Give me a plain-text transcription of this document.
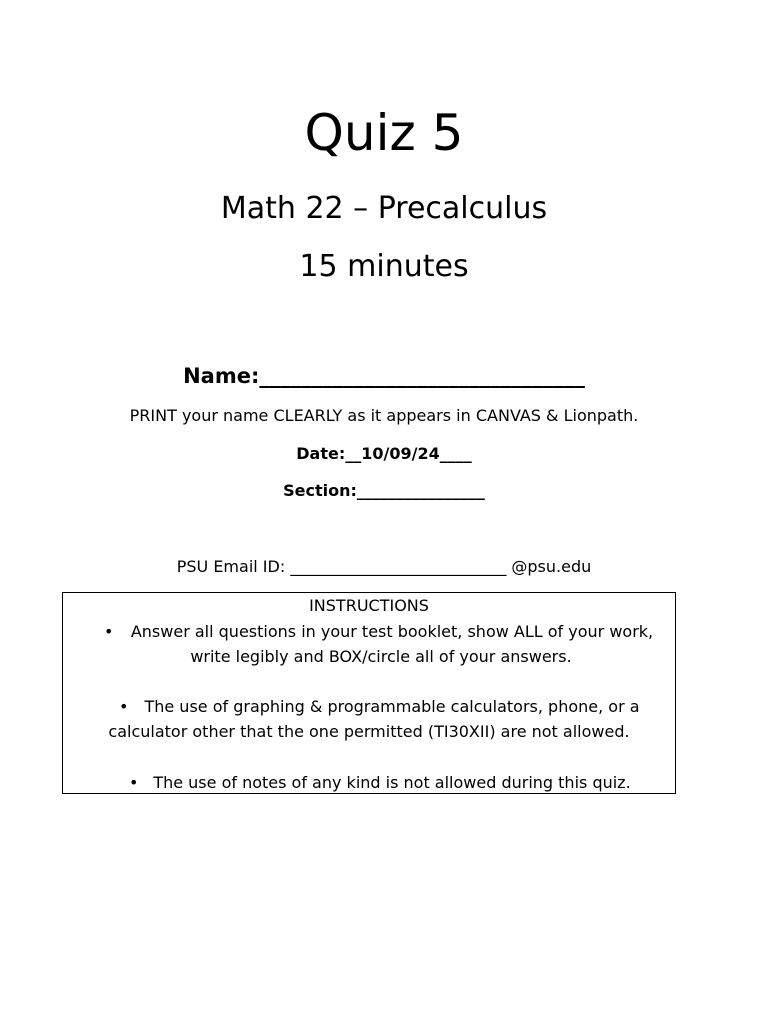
Quiz 5
Math 22 – Precalculus
15 minutes
Name:_______________________________
PRINT your name CLEARLY as it appears in CANVAS & Lionpath.
Date:__10/09/24____
Section:________________
PSU Email ID: ___________________________ @psu.edu
INSTRUCTIONS
•	Answer all questions in your test booklet, show ALL of your work,
write legibly and BOX/circle all of your answers.
•	The use of graphing & programmable calculators, phone, or a
calculator other that the one permitted (TI30XII) are not allowed.
• The use of notes of any kind is not allowed during this quiz.
